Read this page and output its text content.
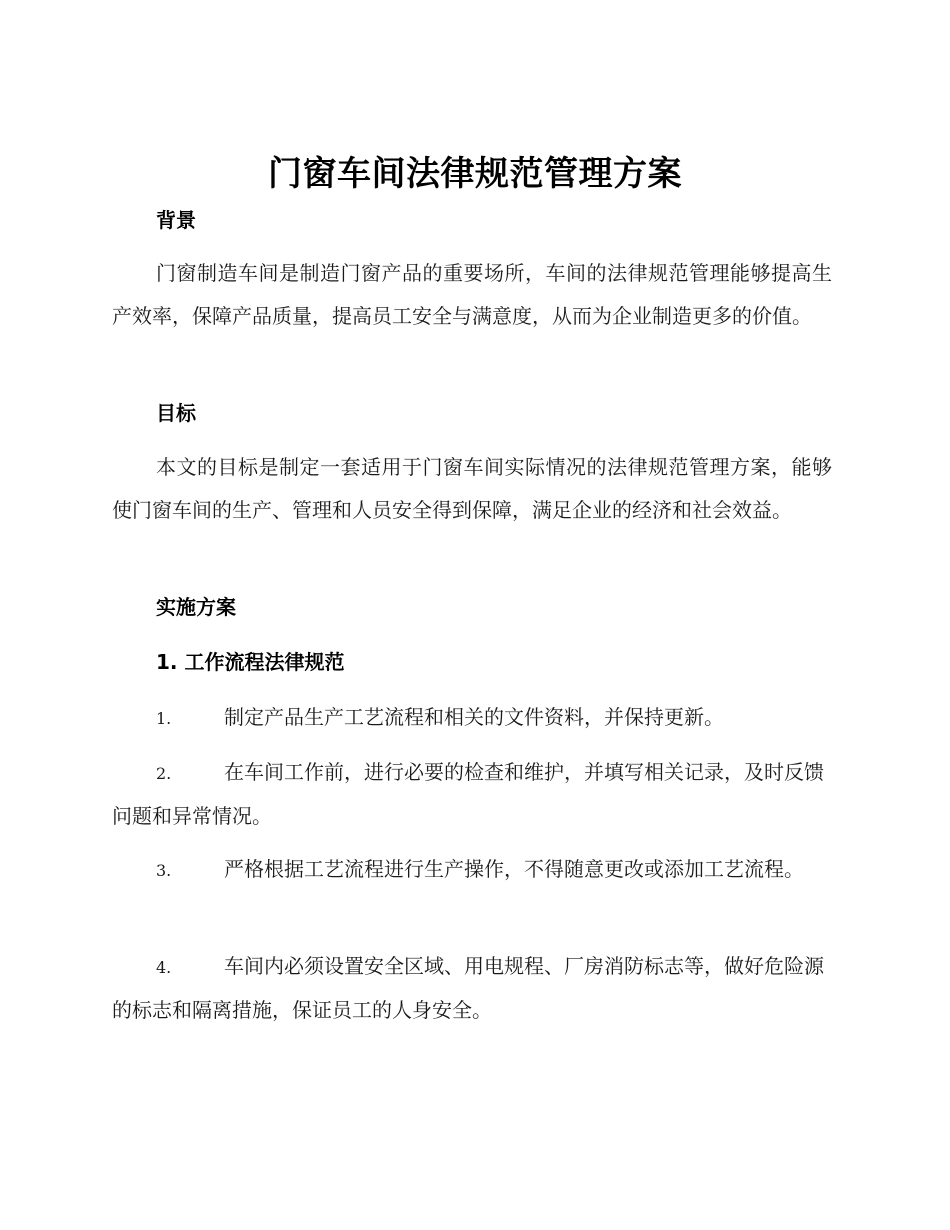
门窗车间法律规范管理方案
背景
门窗制造车间是制造门窗产品的重要场所，车间的法律规范管理能够提高生产效率，保障产品质量，提高员工安全与满意度，从而为企业制造更多的价值。
目标
本文的目标是制定一套适用于门窗车间实际情况的法律规范管理方案，能够使门窗车间的生产、管理和人员安全得到保障，满足企业的经济和社会效益。
实施方案
1. 工作流程法律规范
1.	制定产品生产工艺流程和相关的文件资料，并保持更新。
2.	在车间工作前，进行必要的检查和维护，并填写相关记录，及时反馈问题和异常情况。
3.	严格根据工艺流程进行生产操作，不得随意更改或添加工艺流程。
4.	车间内必须设置安全区域、用电规程、厂房消防标志等，做好危险源的标志和隔离措施，保证员工的人身安全。
